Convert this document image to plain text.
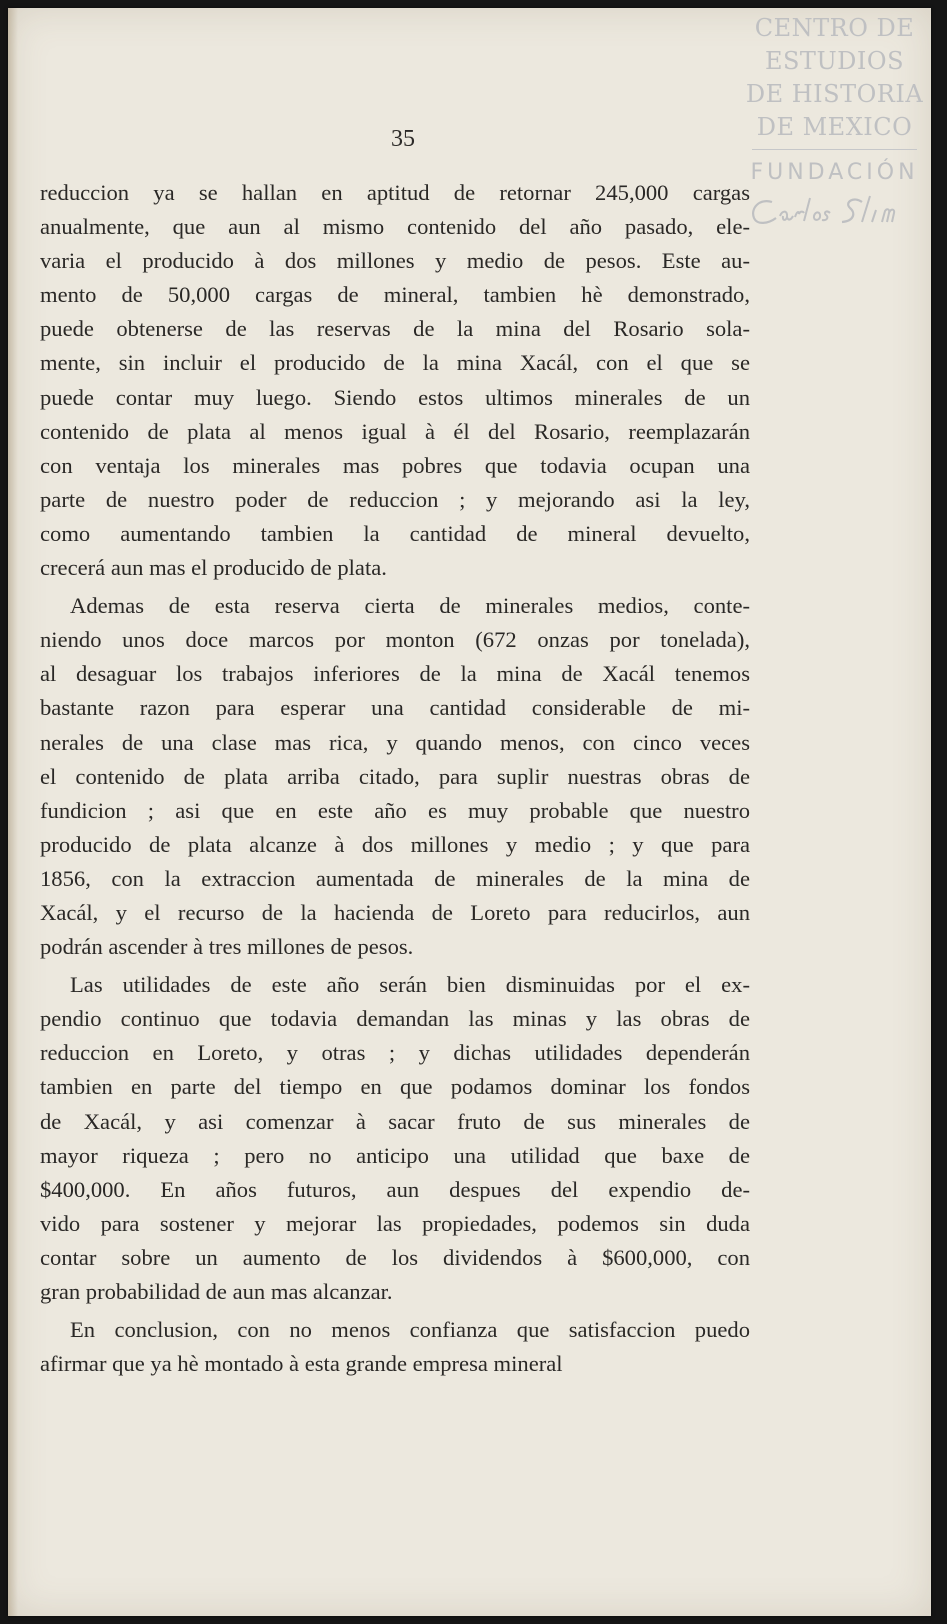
CENTRO DE
ESTUDIOS
DE HISTORIA
DE MEXICO
FUNDACIÓN
35

reduccion ya se hallan en aptitud de retornar 245,000 cargas
anualmente, que aun al mismo contenido del año pasado, ele-
varia el producido à dos millones y medio de pesos. Este au-
mento de 50,000 cargas de mineral, tambien hè demonstrado,
puede obtenerse de las reservas de la mina del Rosario sola-
mente, sin incluir el producido de la mina Xacál, con el que se
puede contar muy luego. Siendo estos ultimos minerales de un
contenido de plata al menos igual à él del Rosario, reemplazarán
con ventaja los minerales mas pobres que todavia ocupan una
parte de nuestro poder de reduccion ; y mejorando asi la ley,
como aumentando tambien la cantidad de mineral devuelto,
crecerá aun mas el producido de plata.

Ademas de esta reserva cierta de minerales medios, conte-
niendo unos doce marcos por monton (672 onzas por tonelada),
al desaguar los trabajos inferiores de la mina de Xacál tenemos
bastante razon para esperar una cantidad considerable de mi-
nerales de una clase mas rica, y quando menos, con cinco veces
el contenido de plata arriba citado, para suplir nuestras obras de
fundicion ; asi que en este año es muy probable que nuestro
producido de plata alcanze à dos millones y medio ; y que para
1856, con la extraccion aumentada de minerales de la mina de
Xacál, y el recurso de la hacienda de Loreto para reducirlos, aun
podrán ascender à tres millones de pesos.

Las utilidades de este año serán bien disminuidas por el ex-
pendio continuo que todavia demandan las minas y las obras de
reduccion en Loreto, y otras ; y dichas utilidades dependerán
tambien en parte del tiempo en que podamos dominar los fondos
de Xacál, y asi comenzar à sacar fruto de sus minerales de
mayor riqueza ; pero no anticipo una utilidad que baxe de
$400,000. En años futuros, aun despues del expendio de-
vido para sostener y mejorar las propiedades, podemos sin duda
contar sobre un aumento de los dividendos à $600,000, con
gran probabilidad de aun mas alcanzar.

En conclusion, con no menos confianza que satisfaccion puedo
afirmar que ya hè montado à esta grande empresa mineral
